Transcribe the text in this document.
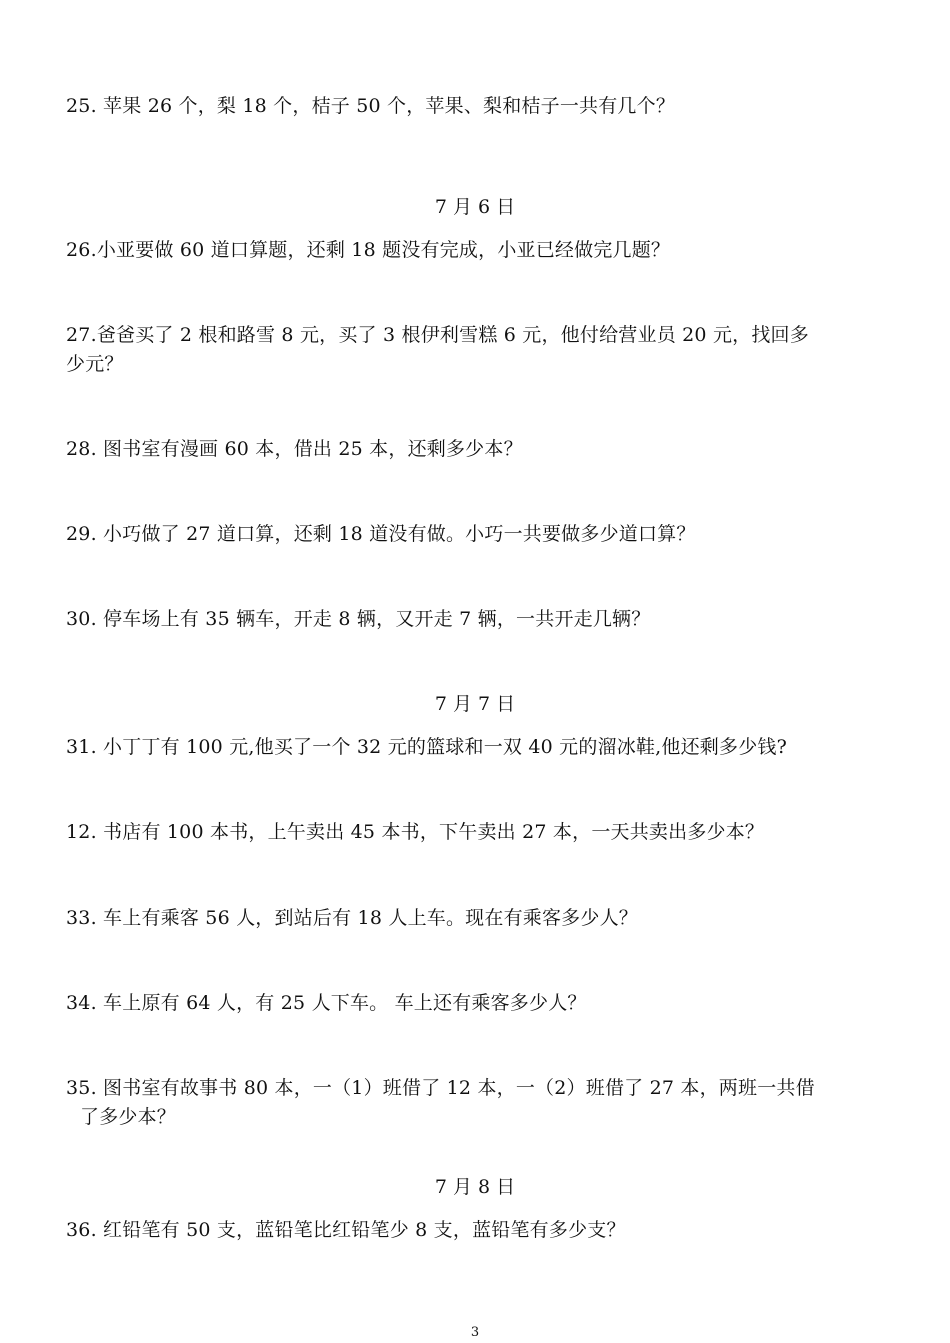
25. 苹果 26 个，梨 18 个，桔子 50 个，苹果、梨和桔子一共有几个？
7 月 6 日
26.小亚要做 60 道口算题，还剩 18 题没有完成，小亚已经做完几题？
27.爸爸买了 2 根和路雪 8 元，买了 3 根伊利雪糕 6 元，他付给营业员 20 元，找回多
少元？
28. 图书室有漫画 60 本，借出 25 本，还剩多少本？
29. 小巧做了 27 道口算，还剩 18 道没有做。小巧一共要做多少道口算？
30. 停车场上有 35 辆车，开走 8 辆，又开走 7 辆，一共开走几辆？
7 月 7 日
31. 小丁丁有 100 元,他买了一个 32 元的篮球和一双 40 元的溜冰鞋,他还剩多少钱?
12. 书店有 100 本书，上午卖出 45 本书，下午卖出 27 本，一天共卖出多少本？
33. 车上有乘客 56 人，到站后有 18 人上车。现在有乘客多少人？
34. 车上原有 64 人，有 25 人下车。 车上还有乘客多少人？
35. 图书室有故事书 80 本，一（1）班借了 12 本，一（2）班借了 27 本，两班一共借
了多少本？
7 月 8 日
36. 红铅笔有 50 支，蓝铅笔比红铅笔少 8 支，蓝铅笔有多少支？
3
